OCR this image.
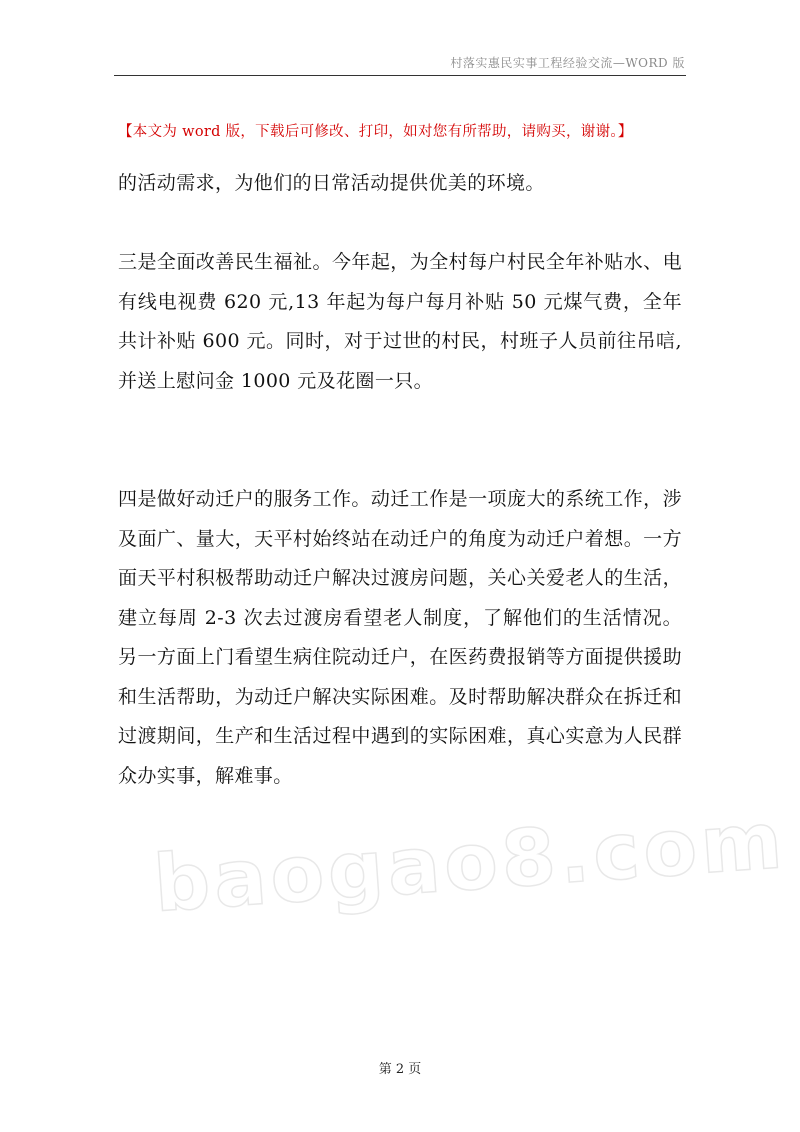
村落实惠民实事工程经验交流—WORD 版
【本文为 word 版，下载后可修改、打印，如对您有所帮助，请购买，谢谢。】
的活动需求，为他们的日常活动提供优美的环境。
三是全面改善民生福祉。今年起，为全村每户村民全年补贴水、电有线电视费 620 元,13 年起为每户每月补贴 50 元煤气费，全年共计补贴 600 元。同时，对于过世的村民，村班子人员前往吊唁,并送上慰问金 1000 元及花圈一只。
四是做好动迁户的服务工作。动迁工作是一项庞大的系统工作，涉及面广、量大，天平村始终站在动迁户的角度为动迁户着想。一方面天平村积极帮助动迁户解决过渡房问题，关心关爱老人的生活，建立每周 2-3 次去过渡房看望老人制度，了解他们的生活情况。另一方面上门看望生病住院动迁户，在医药费报销等方面提供援助和生活帮助，为动迁户解决实际困难。及时帮助解决群众在拆迁和过渡期间，生产和生活过程中遇到的实际困难，真心实意为人民群众办实事，解难事。
baogao8.com
第 2 页
